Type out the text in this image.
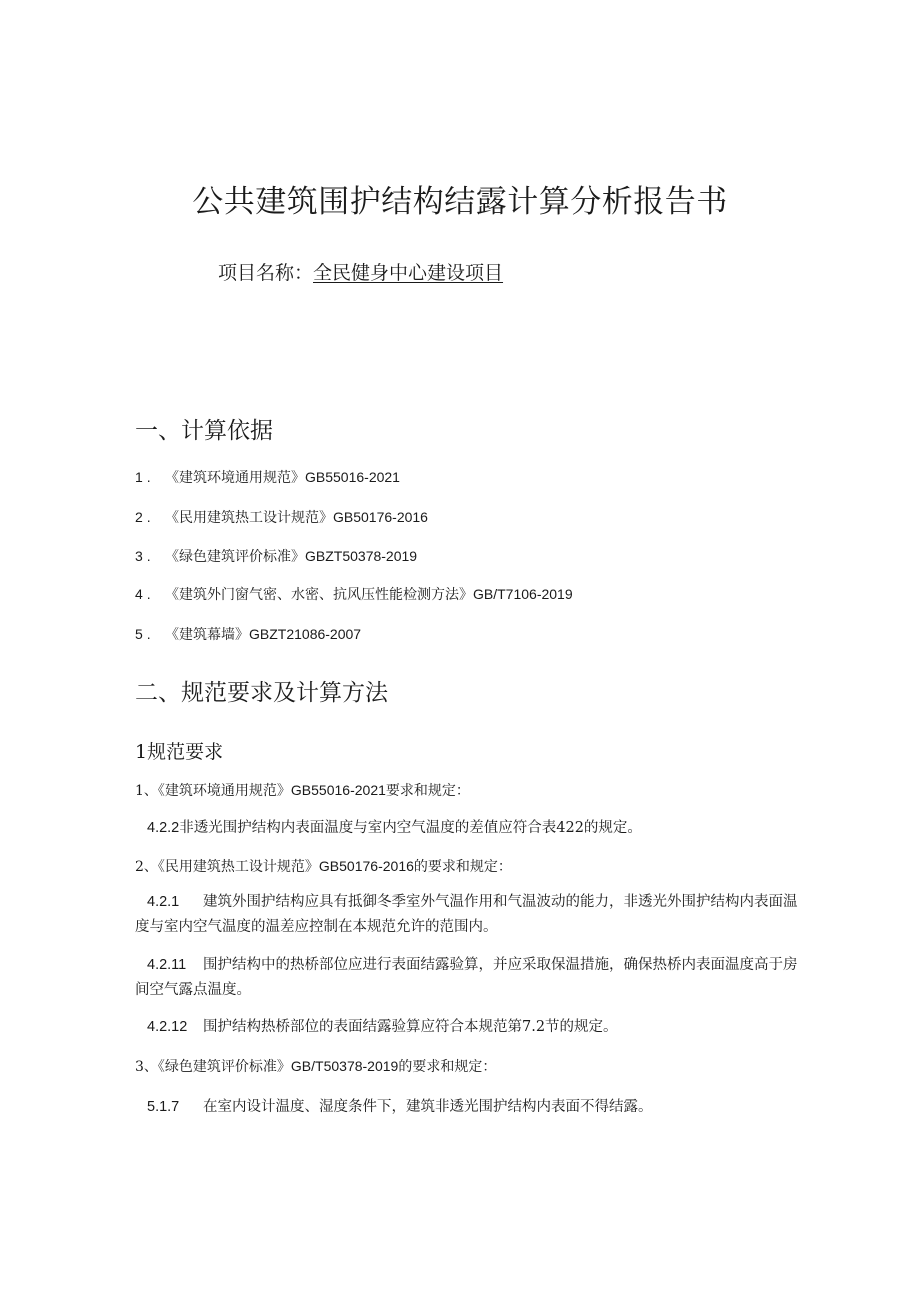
公共建筑围护结构结露计算分析报告书
项目名称：全民健身中心建设项目
一、计算依据
1 . 《建筑环境通用规范》GB55016-2021
2 . 《民用建筑热工设计规范》GB50176-2016
3 . 《绿色建筑评价标准》GBZT50378-2019
4 . 《建筑外门窗气密、水密、抗风压性能检测方法》GB/T7106-2019
5 . 《建筑幕墙》GBZT21086-2007
二、规范要求及计算方法
1规范要求
1、《建筑环境通用规范》GB55016-2021要求和规定：
4.2.2非透光围护结构内表面温度与室内空气温度的差值应符合表422的规定。
2、《民用建筑热工设计规范》GB50176-2016的要求和规定：
4.2.1 建筑外围护结构应具有抵御冬季室外气温作用和气温波动的能力，非透光外围护结构内表面温度与室内空气温度的温差应控制在本规范允许的范围内。
4.2.11 围护结构中的热桥部位应进行表面结露验算，并应采取保温措施，确保热桥内表面温度高于房间空气露点温度。
4.2.12 围护结构热桥部位的表面结露验算应符合本规范第7.2节的规定。
3、《绿色建筑评价标准》GB/T50378-2019的要求和规定：
5.1.7 在室内设计温度、湿度条件下，建筑非透光围护结构内表面不得结露。
